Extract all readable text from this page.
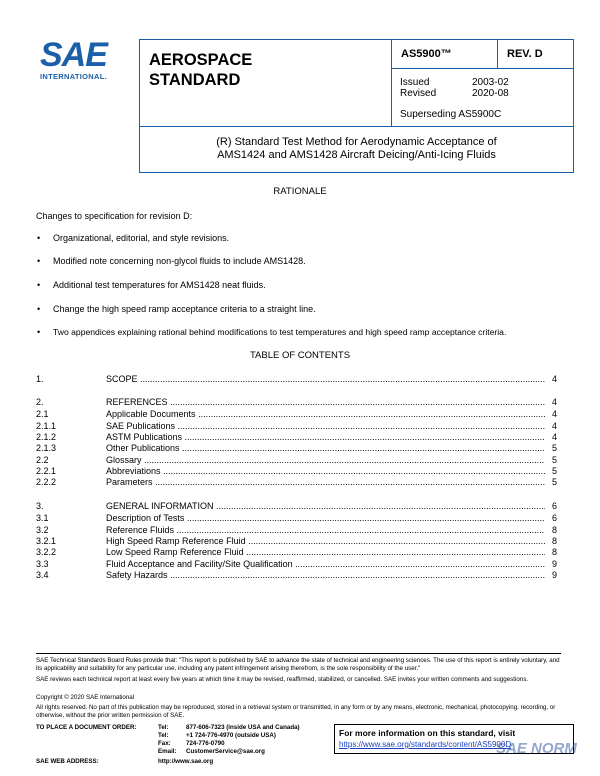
SAE
INTERNATIONAL.
AEROSPACE
STANDARD
AS5900™	REV. D
Issued	2003-02
Revised	2020-08
Superseding AS5900C
(R) Standard Test Method for Aerodynamic Acceptance of
AMS1424 and AMS1428 Aircraft Deicing/Anti-Icing Fluids
RATIONALE
Changes to specification for revision D:
• Organizational, editorial, and style revisions.
• Modified note concerning non-glycol fluids to include AMS1428.
• Additional test temperatures for AMS1428 neat fluids.
• Change the high speed ramp acceptance criteria to a straight line.
• Two appendices explaining rational behind modifications to test temperatures and high speed ramp acceptance criteria.
TABLE OF CONTENTS
1.	SCOPE .....	4
2.	REFERENCES .....	4
2.1	Applicable Documents .....	4
2.1.1	SAE Publications .....	4
2.1.2	ASTM Publications .....	4
2.1.3	Other Publications .....	5
2.2	Glossary .....	5
2.2.1	Abbreviations .....	5
2.2.2	Parameters .....	5
3.	GENERAL INFORMATION .....	6
3.1	Description of Tests .....	6
3.2	Reference Fluids .....	8
3.2.1	High Speed Ramp Reference Fluid .....	8
3.2.2	Low Speed Ramp Reference Fluid .....	8
3.3	Fluid Acceptance and Facility/Site Qualification .....	9
3.4	Safety Hazards .....	9
SAE Technical Standards Board Rules provide that: "This report is published by SAE to advance the state of technical and engineering sciences. The use of this report is entirely voluntary, and its applicability and suitability for any particular use, including any patent infringement arising therefrom, is the sole responsibility of the user."
SAE reviews each technical report at least every five years at which time it may be revised, reaffirmed, stabilized, or cancelled. SAE invites your written comments and suggestions.
Copyright © 2020 SAE International
All rights reserved. No part of this publication may be reproduced, stored in a retrieval system or transmitted, in any form or by any means, electronic, mechanical, photocopying, recording, or otherwise, without the prior written permission of SAE.
TO PLACE A DOCUMENT ORDER:	Tel:	877-606-7323 (inside USA and Canada)
Tel:	+1 724-776-4970 (outside USA)
Fax: 724-776-0790
Email: CustomerService@sae.org
SAE WEB ADDRESS:	http://www.sae.org
For more information on this standard, visit
https://www.sae.org/standards/content/AS5900D
SAE NORM
